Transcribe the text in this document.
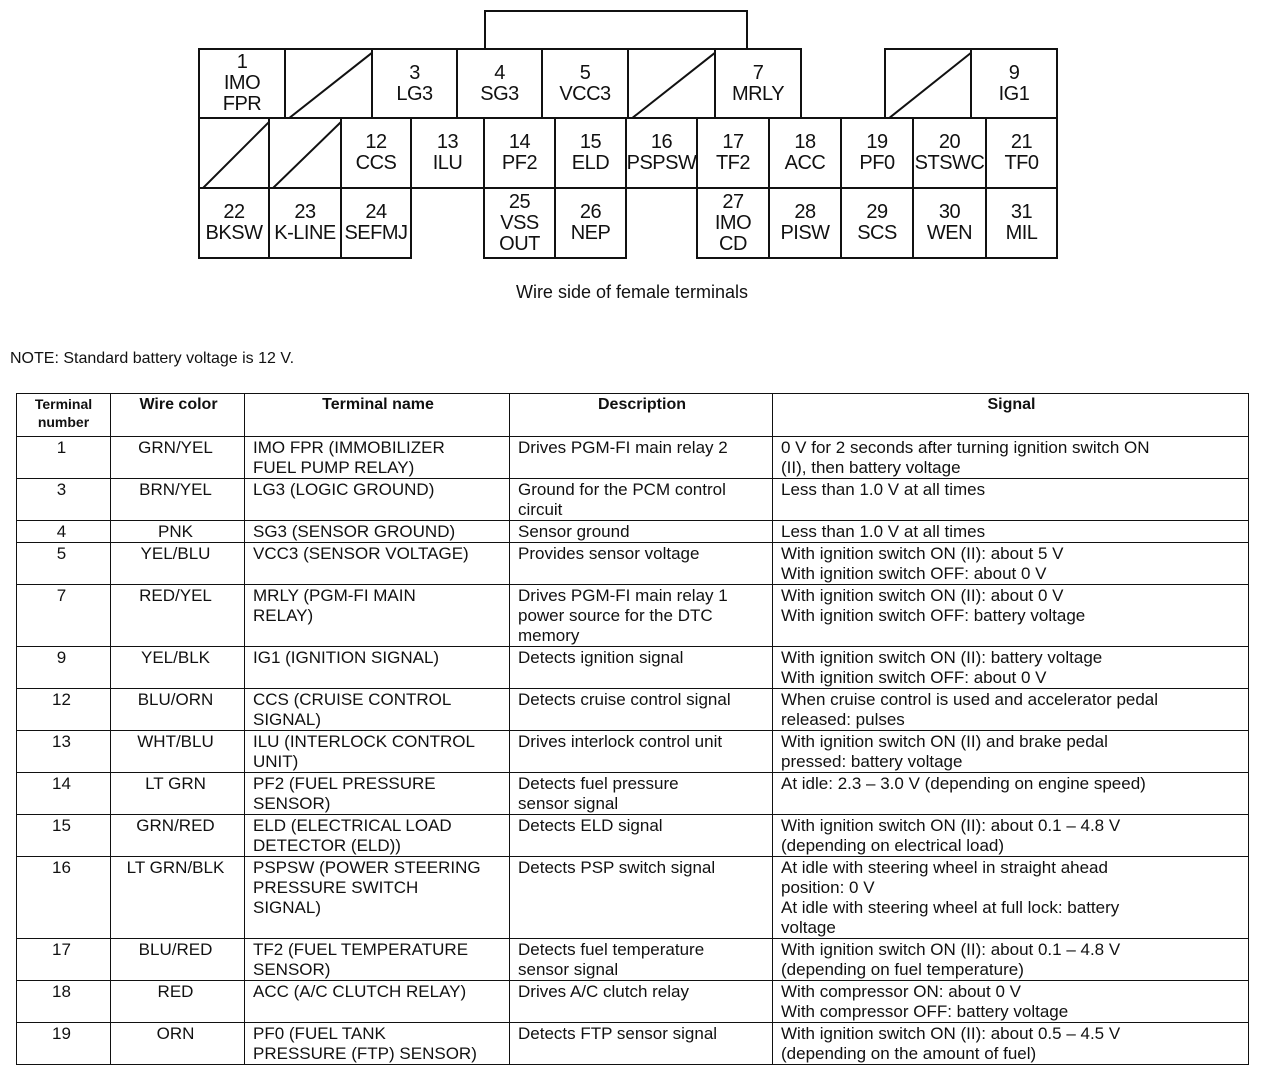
1
IMO
FPR
3
LG3
4
SG3
5
VCC3
7
MRLY
9
IG1
12
CCS
13
ILU
14
PF2
15
ELD
16
PSPSW
17
TF2
18
ACC
19
PF0
20
STSWC
21
TF0
22
BKSW
23
K-LINE
24
SEFMJ
25
VSS
OUT
26
NEP
27
IMO
CD
28
PISW
29
SCS
30
WEN
31
MIL
Wire side of female terminals
NOTE: Standard battery voltage is 12 V.
Terminal
number	Wire color	Terminal name	Description	Signal

1	GRN/YEL	IMO FPR (IMMOBILIZER
FUEL PUMP RELAY)	Drives PGM-FI main relay 2	0 V for 2 seconds after turning ignition switch ON
(II), then battery voltage

3	BRN/YEL	LG3 (LOGIC GROUND)	Ground for the PCM control
circuit	Less than 1.0 V at all times

4	PNK	SG3 (SENSOR GROUND)	Sensor ground	Less than 1.0 V at all times

5	YEL/BLU	VCC3 (SENSOR VOLTAGE)	Provides sensor voltage	With ignition switch ON (II): about 5 V
With ignition switch OFF: about 0 V

7	RED/YEL	MRLY (PGM-FI MAIN
RELAY)	Drives PGM-FI main relay 1
power source for the DTC
memory	With ignition switch ON (II): about 0 V
With ignition switch OFF: battery voltage

9	YEL/BLK	IG1 (IGNITION SIGNAL)	Detects ignition signal	With ignition switch ON (II): battery voltage
With ignition switch OFF: about 0 V

12	BLU/ORN	CCS (CRUISE CONTROL
SIGNAL)	Detects cruise control signal	When cruise control is used and accelerator pedal
released: pulses

13	WHT/BLU	ILU (INTERLOCK CONTROL
UNIT)	Drives interlock control unit	With ignition switch ON (II) and brake pedal
pressed: battery voltage

14	LT GRN	PF2 (FUEL PRESSURE
SENSOR)	Detects fuel pressure
sensor signal	At idle: 2.3 – 3.0 V (depending on engine speed)

15	GRN/RED	ELD (ELECTRICAL LOAD
DETECTOR (ELD))	Detects ELD signal	With ignition switch ON (II): about 0.1 – 4.8 V
(depending on electrical load)

16	LT GRN/BLK	PSPSW (POWER STEERING
PRESSURE SWITCH
SIGNAL)	Detects PSP switch signal	At idle with steering wheel in straight ahead
position: 0 V
At idle with steering wheel at full lock: battery
voltage

17	BLU/RED	TF2 (FUEL TEMPERATURE
SENSOR)	Detects fuel temperature
sensor signal	With ignition switch ON (II): about 0.1 – 4.8 V
(depending on fuel temperature)

18	RED	ACC (A/C CLUTCH RELAY)	Drives A/C clutch relay	With compressor ON: about 0 V
With compressor OFF: battery voltage

19	ORN	PF0 (FUEL TANK
PRESSURE (FTP) SENSOR)	Detects FTP sensor signal	With ignition switch ON (II): about 0.5 – 4.5 V
(depending on the amount of fuel)
